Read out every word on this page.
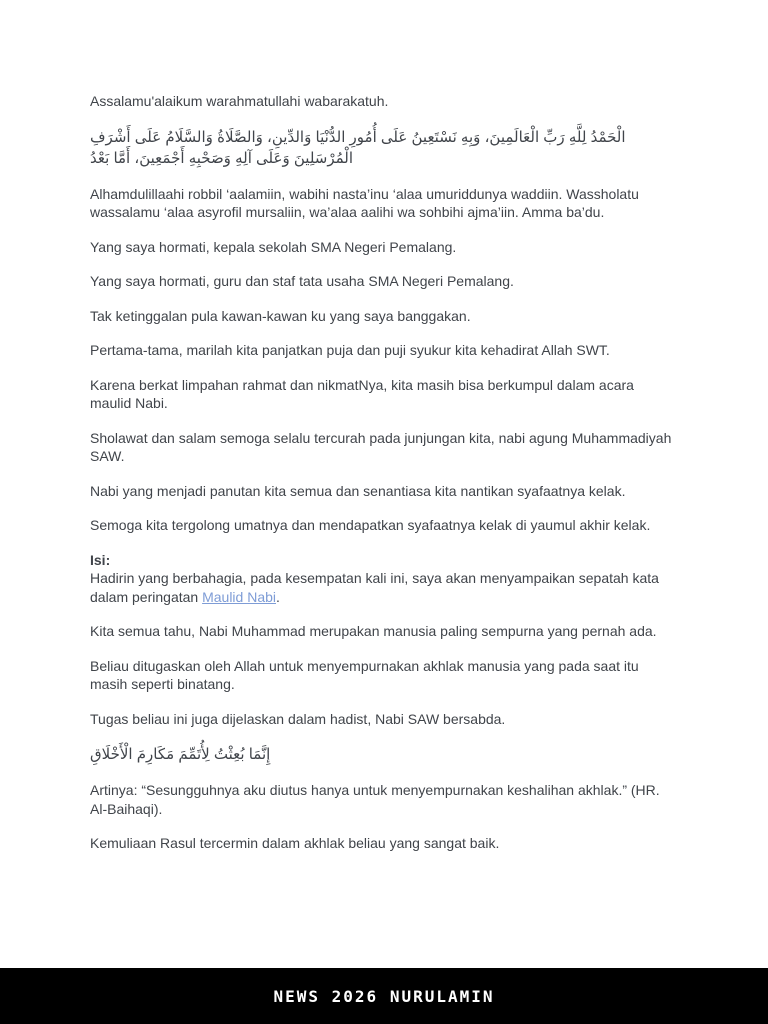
Assalamu'alaikum warahmatullahi wabarakatuh.

الْحَمْدُ لِلَّهِ رَبِّ الْعَالَمِينَ، وَبِهِ نَسْتَعِينُ عَلَى أُمُورِ الدُّنْيَا وَالدِّينِ، وَالصَّلَاةُ وَالسَّلَامُ عَلَى أَشْرَفِ الْمُرْسَلِينَ وَعَلَى آلِهِ وَصَحْبِهِ أَجْمَعِينَ، أَمَّا بَعْدُ

Alhamdulillaahi robbil ‘aalamiin, wabihi nasta’inu ‘alaa umuriddunya waddiin. Wassholatu wassalamu ‘alaa asyrofil mursaliin, wa’alaa aalihi wa sohbihi ajma’iin. Amma ba’du.

Yang saya hormati, kepala sekolah SMA Negeri Pemalang.

Yang saya hormati, guru dan staf tata usaha SMA Negeri Pemalang.

Tak ketinggalan pula kawan-kawan ku yang saya banggakan.

Pertama-tama, marilah kita panjatkan puja dan puji syukur kita kehadirat Allah SWT.

Karena berkat limpahan rahmat dan nikmatNya, kita masih bisa berkumpul dalam acara maulid Nabi.

Sholawat dan salam semoga selalu tercurah pada junjungan kita, nabi agung Muhammadiyah SAW.

Nabi yang menjadi panutan kita semua dan senantiasa kita nantikan syafaatnya kelak.

Semoga kita tergolong umatnya dan mendapatkan syafaatnya kelak di yaumul akhir kelak.

Isi:
Hadirin yang berbahagia, pada kesempatan kali ini, saya akan menyampaikan sepatah kata dalam peringatan Maulid Nabi.

Kita semua tahu, Nabi Muhammad merupakan manusia paling sempurna yang pernah ada.

Beliau ditugaskan oleh Allah untuk menyempurnakan akhlak manusia yang pada saat itu masih seperti binatang.

Tugas beliau ini juga dijelaskan dalam hadist, Nabi SAW bersabda.

إِنَّمَا بُعِثْتُ لِأُتَمِّمَ مَكَارِمَ الْأَخْلَاقِ

Artinya: “Sesungguhnya aku diutus hanya untuk menyempurnakan keshalihan akhlak.” (HR. Al-Baihaqi).

Kemuliaan Rasul tercermin dalam akhlak beliau yang sangat baik.

NEWS 2026 NURULAMIN
